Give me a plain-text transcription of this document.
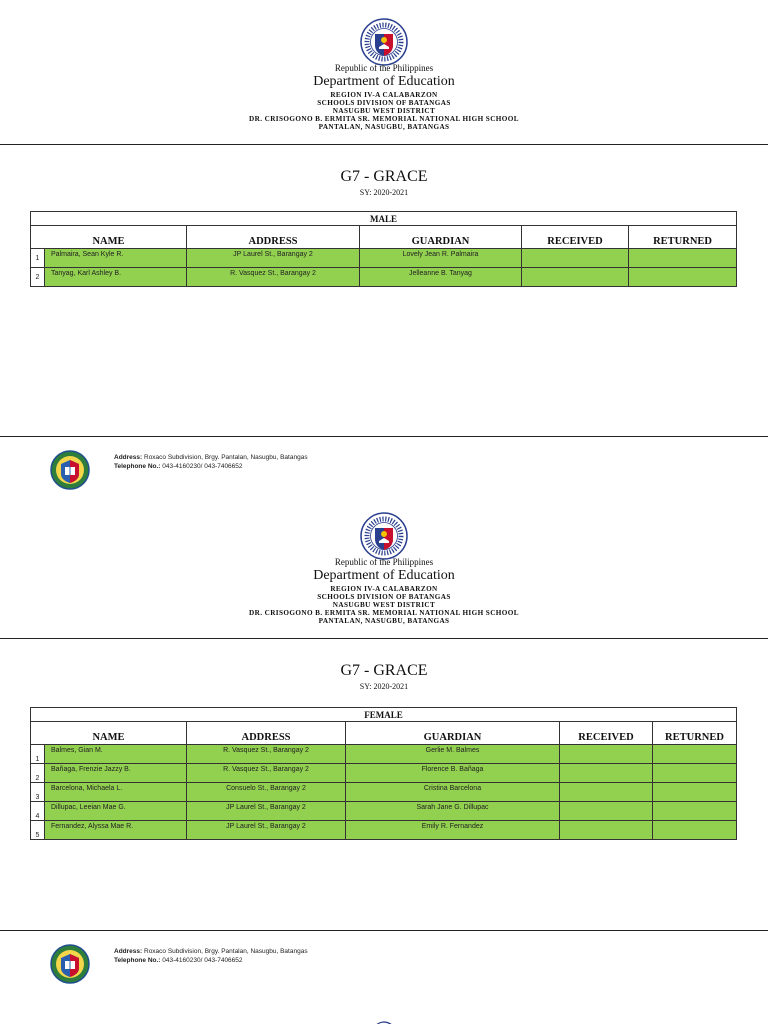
Republic of the Philippines
Department of Education
REGION IV-A CALABARZON
SCHOOLS DIVISION OF BATANGAS
NASUGBU WEST DISTRICT
DR. CRISOGONO B. ERMITA SR. MEMORIAL NATIONAL HIGH SCHOOL
PANTALAN, NASUGBU, BATANGAS
G7 - GRACE
SY: 2020-2021
MALE					
NAME		ADDRESS	GUARDIAN	RECEIVED	RETURNED
1	Palmaira, Sean Kyle R.	JP Laurel St., Barangay 2	Lovely Jean R. Palmaira		
2	Tanyag, Karl Ashley B.	R. Vasquez St., Barangay 2	Jelleanne B. Tanyag		
Address: Roxaco Subdivision, Brgy. Pantalan, Nasugbu, Batangas
Telephone No.: 043-4160230/ 043-7406652
Republic of the Philippines
Department of Education
REGION IV-A CALABARZON
SCHOOLS DIVISION OF BATANGAS
NASUGBU WEST DISTRICT
DR. CRISOGONO B. ERMITA SR. MEMORIAL NATIONAL HIGH SCHOOL
PANTALAN, NASUGBU, BATANGAS
G7 - GRACE
SY: 2020-2021
FEMALE					
NAME		ADDRESS	GUARDIAN	RECEIVED	RETURNED
1	Balmes, Gian M.	R. Vasquez St., Barangay 2	Gerlie M. Balmes		
2	Bañaga, Frenzie Jazzy B.	R. Vasquez St., Barangay 2	Florence B. Bañaga		
3	Barcelona, Michaela L.	Consuelo St., Barangay 2	Cristina Barcelona		
4	Dillupac, Leeian Mae G.	JP Laurel St., Barangay 2	Sarah Jane G. Dillupac		
5	Fernandez, Alyssa Mae R.	JP Laurel St., Barangay 2	Emily R. Fernandez		
Address: Roxaco Subdivision, Brgy. Pantalan, Nasugbu, Batangas
Telephone No.: 043-4160230/ 043-7406652
